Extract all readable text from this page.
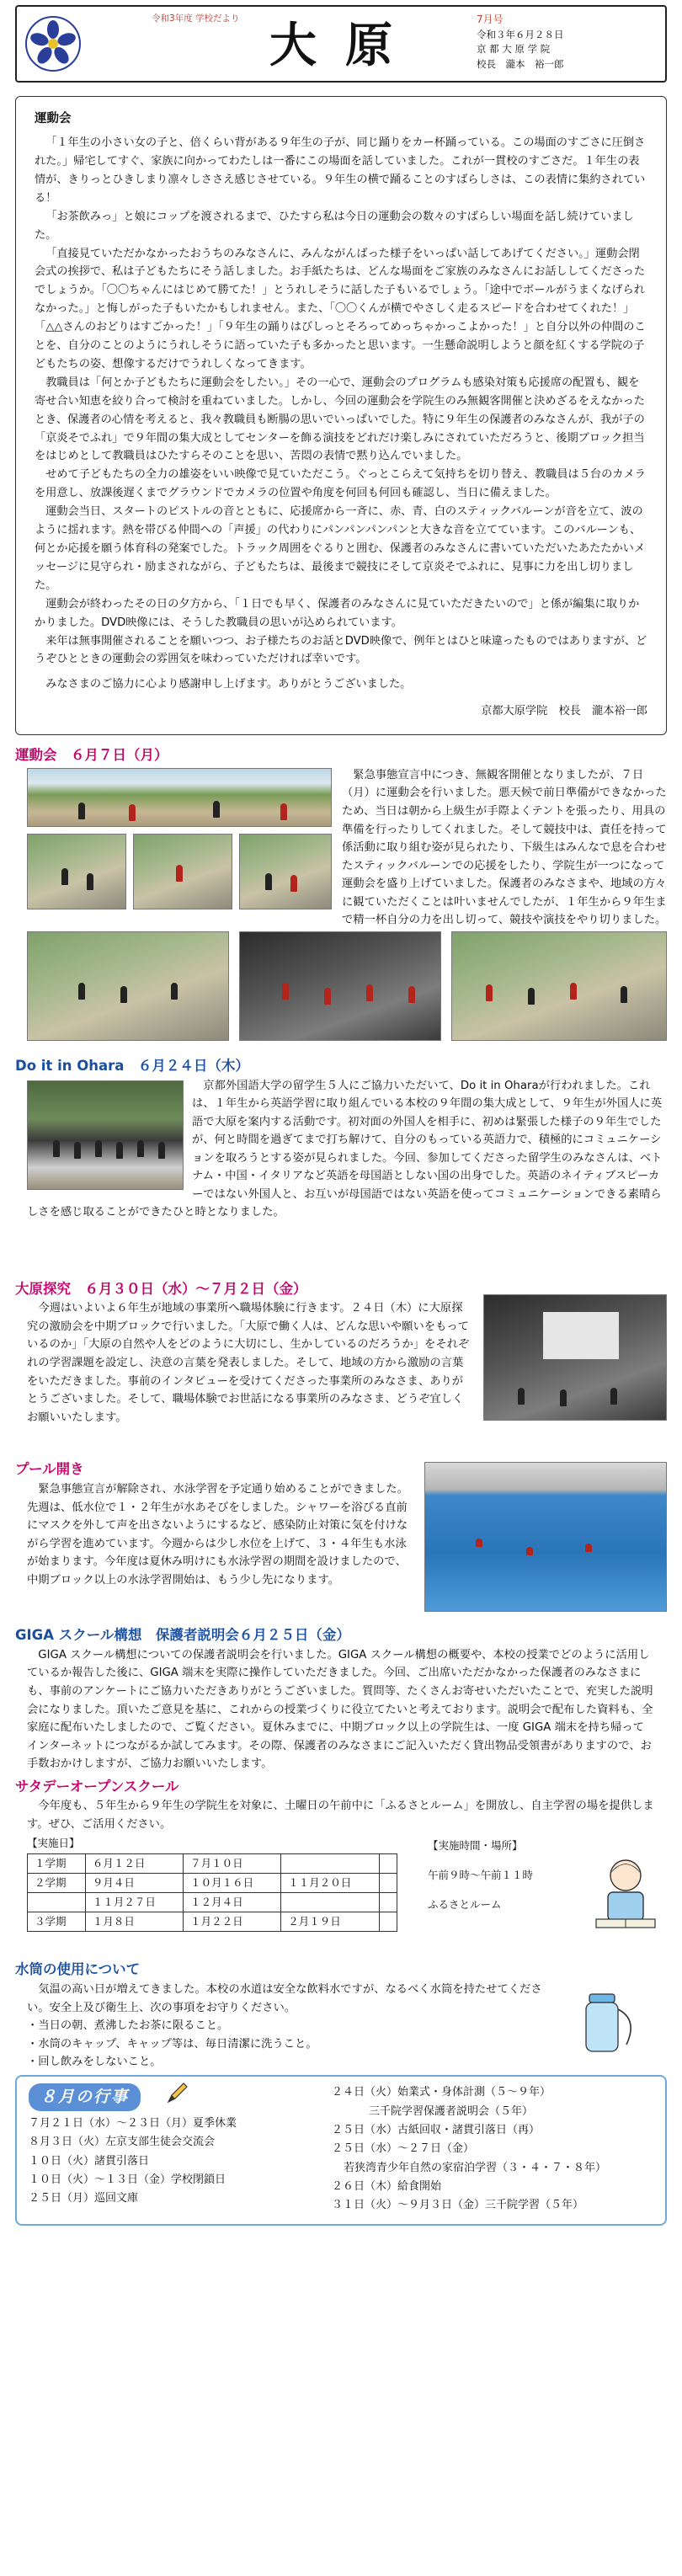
令和3年度 学校だより 大原	7月号
令和３年６月２８日
京 都 大 原 学 院
校長　瀧本　裕一郎
運動会

「１年生の小さい女の子と、倍くらい背がある９年生の子が、同じ踊りをカー杯踊っている。この場面のすごさに圧倒された。」帰宅してすぐ、家族に向かってわたしは一番にこの場面を話していました。これが一貫校のすごさだ。１年生の表情が、きりっとひきしまり凛々しささえ感じさせている。９年生の横で踊ることのすばらしさは、この表情に集約されている！

「お茶飲みっ」と娘にコップを渡されるまで、ひたすら私は今日の運動会の数々のすばらしい場面を話し続けていました。

「直接見ていただかなかったおうちのみなさんに、みんながんばった様子をいっぱい話してあげてください。」運動会閉会式の挨拶で、私は子どもたちにそう話しました。お手紙たちは、どんな場面をご家族のみなさんにお話ししてくださったでしょうか。「〇〇ちゃんにはじめて勝てた！」とうれしそうに話した子もいるでしょう。「途中でボールがうまくなげられなかった。」と悔しがった子もいたかもしれません。また、「〇〇くんが横でやさしく走るスピードを合わせてくれた！」「△△さんのおどりはすごかった！」「９年生の踊りはびしっとそろってめっちゃかっこよかった！」と自分以外の仲間のことを、自分のことのようにうれしそうに語っていた子も多かったと思います。一生懸命説明しようと顔を紅くする学院の子どもたちの姿、想像するだけでうれしくなってきます。

教職員は「何とか子どもたちに運動会をしたい。」その一心で、運動会のプログラムも感染対策も応援席の配置も、観を寄せ合い知恵を絞り合って検討を重ねていました。しかし、今回の運動会を学院生のみ無観客開催と決めざるをえなかったとき、保護者の心情を考えると、我々教職員も断腸の思いでいっぱいでした。特に９年生の保護者のみなさんが、我が子の「京炎そでふれ」で９年間の集大成としてセンターを飾る演技をどれだけ楽しみにされていただろうと、後期ブロック担当をはじめとして教職員はひたすらそのことを思い、苦悶の表情で黙り込んでいました。

せめて子どもたちの全力の雄姿をいい映像で見ていただこう。ぐっとこらえて気持ちを切り替え、教職員は５台のカメラを用意し、放課後遅くまでグラウンドでカメラの位置や角度を何回も何回も確認し、当日に備えました。

運動会当日、スタートのピストルの音とともに、応援席から一斉に、赤、青、白のスティックバルーンが音を立て、波のように揺れます。熱を帯びる仲間への「声援」の代わりにパンパンパンパンと大きな音を立てています。このバルーンも、何とか応援を願う体育科の発案でした。トラック周囲をぐるりと囲む、保護者のみなさんに書いていただいたあたたかいメッセージに見守られ・励まされながら、子どもたちは、最後まで競技にそして京炎そでふれに、見事に力を出し切りました。

運動会が終わったその日の夕方から、「１日でも早く、保護者のみなさんに見ていただきたいので」と係が編集に取りかかりました。DVD映像には、そうした教職員の思いが込められています。

来年は無事開催されることを願いつつ、お子様たちのお話とDVD映像で、例年とはひと味違ったものではありますが、どうぞひとときの運動会の雰囲気を味わっていただければ幸いです。

みなさまのご協力に心より感謝申し上げます。ありがとうございました。

京都大原学院　校長　瀧本裕一郎
運動会　６月７日（月）

緊急事態宣言中につき、無観客開催となりましたが、７日（月）に運動会を行いました。悪天候で前日準備ができなかったため、当日は朝から上級生が手際よくテントを張ったり、用具の準備を行ったりしてくれました。そして競技中は、責任を持って係活動に取り組む姿が見られたり、下級生はみんなで息を合わせたスティックバルーンでの応援をしたり、学院生が一つになって運動会を盛り上げていました。保護者のみなさまや、地域の方々に観ていただくことは叶いませんでしたが、１年生から９年生まで精一杯自分の力を出し切って、競技や演技をやり切りました。

Do it in Ohara　６月２４日（木）

京都外国語大学の留学生５人にご協力いただいて、Do it in Oharaが行われました。これは、１年生から英語学習に取り組んでいる本校の９年間の集大成として、９年生が外国人に英語で大原を案内する活動です。初対面の外国人を相手に、初めは緊張した様子の９年生でしたが、何と時間を過ぎてまで打ち解けて、自分のもっている英語力で、積極的にコミュニケーションを取ろうとする姿が見られました。今回、参加してくださった留学生のみなさんは、ベトナム・中国・イタリアなど英語を母国語としない国の出身でした。英語のネイティブスピーカーではない外国人と、お互いが母国語ではない英語を使ってコミュニケーションできる素晴らしさを感じ取ることができたひと時となりました。

大原探究　６月３０日（水）〜７月２日（金）

今週はいよいよ６年生が地域の事業所へ職場体験に行きます。２４日（木）に大原探究の激励会を中期ブロックで行いました。「大原で働く人は、どんな思いや願いをもっているのか」「大原の自然や人をどのように大切にし、生かしているのだろうか」をそれぞれの学習課題を設定し、決意の言葉を発表しました。そして、地域の方から激励の言葉をいただきました。事前のインタビューを受けてくださった事業所のみなさま、ありがとうございました。そして、職場体験でお世話になる事業所のみなさま、どうぞ宜しくお願いいたします。

プール開き

緊急事態宣言が解除され、水泳学習を予定通り始めることができました。先週は、低水位で１・２年生が水あそびをしました。シャワーを浴びる直前にマスクを外して声を出さないようにするなど、感染防止対策に気を付けながら学習を進めています。今週からは少し水位を上げて、３・４年生も水泳が始まります。今年度は夏休み明けにも水泳学習の期間を設けましたので、中期ブロック以上の水泳学習開始は、もう少し先になります。

GIGA スクール構想　保護者説明会６月２５日（金）

GIGA スクール構想についての保護者説明会を行いました。GIGA スクール構想の概要や、本校の授業でどのように活用しているか報告した後に、GIGA 端末を実際に操作していただきました。今回、ご出席いただかなかった保護者のみなさまにも、事前のアンケートにご協力いただきありがとうございました。質問等、たくさんお寄せいただいたことで、充実した説明会になりました。頂いたご意見を基に、これからの授業づくりに役立てたいと考えております。説明会で配布した資料も、全家庭に配布いたしましたので、ご覧ください。夏休みまでに、中期ブロック以上の学院生は、一度 GIGA 端末を持ち帰ってインターネットにつながるか試してみます。その際、保護者のみなさまにご記入いただく貸出物品受領書がありますので、お手数おかけしますが、ご協力お願いいたします。

サタデーオープンスクール

今年度も、５年生から９年生の学院生を対象に、土曜日の午前中に「ふるさとルーム」を開放し、自主学習の場を提供します。ぜひ、ご活用ください。

【実施日】
１学期	６月１２日	７月１０日		
２学期	９月４日	１０月１６日	１１月２０日	
	１１月２７日	１２月４日		
３学期	１月８日	１月２２日	２月１９日	
【実施時間・場所】
午前９時〜午前１１時
ふるさとルーム
水筒の使用について

気温の高い日が増えてきました。本校の水道は安全な飲料水ですが、なるべく水筒を持たせてください。安全上及び衛生上、次の事項をお守りください。

・当日の朝、煮沸したお茶に限ること。

・水筒のキャップ、キャップ等は、毎日清潔に洗うこと。

・回し飲みをしないこと。

８月の行事
７月２１日（水）〜２３日（月）夏季休業
８月３日（火）左京支部生徒会交流会
１０日（火）諸貫引落日
１０日（火）〜１３日（金）学校閉鎖日
２５日（月）巡回文庫
２４日（火）始業式・身体計測（５〜９年）
三千院学習保護者説明会（５年）
２５日（水）古紙回収・諸貫引落日（再）
２５日（水）〜２７日（金）
若狭湾青少年自然の家宿泊学習（３・４・７・８年）
２６日（木）給食開始
３１日（火）〜９月３日（金）三千院学習（５年）
